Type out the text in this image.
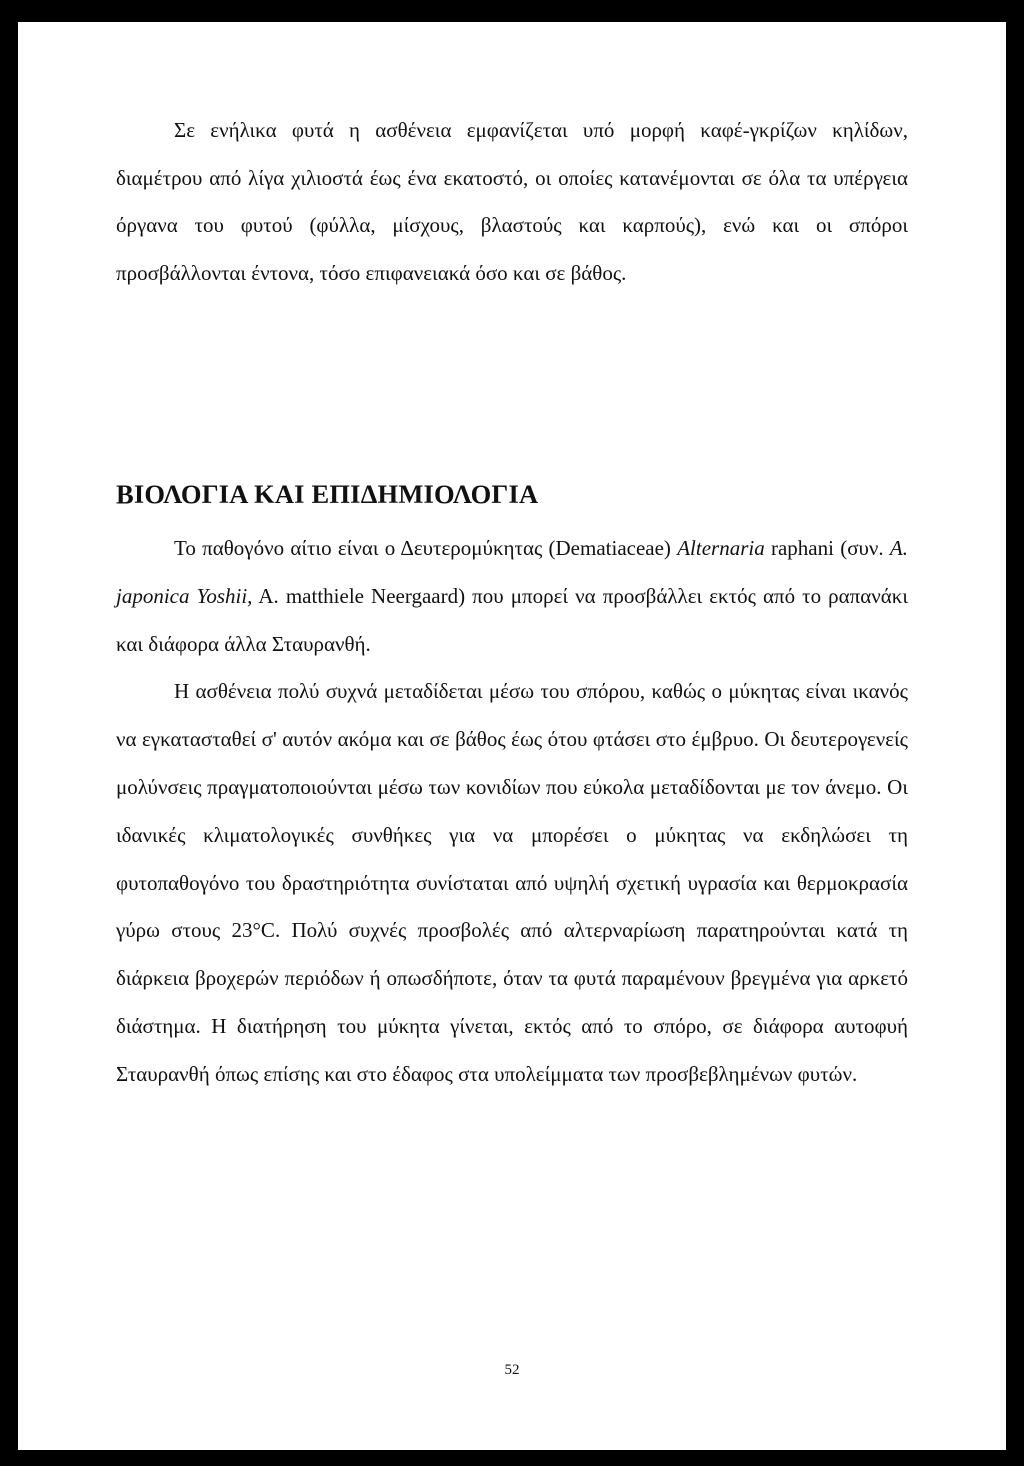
Σε ενήλικα φυτά η ασθένεια εμφανίζεται υπό μορφή καφέ-γκρίζων κηλίδων, διαμέτρου από λίγα χιλιοστά έως ένα εκατοστό, οι οποίες κατανέμονται σε όλα τα υπέργεια όργανα του φυτού (φύλλα, μίσχους, βλαστούς και καρπούς), ενώ και οι σπόροι προσβάλλονται έντονα, τόσο επιφανειακά όσο και σε βάθος.

ΒΙΟΛΟΓΙΑ ΚΑΙ ΕΠΙΔΗΜΙΟΛΟΓΙΑ

Το παθογόνο αίτιο είναι ο Δευτερομύκητας (Dematiaceae) Alternaria raphani (συν. A. japonica Yoshii, A. matthiele Neergaard) που μπορεί να προσβάλλει εκτός από το ραπανάκι και διάφορα άλλα Σταυρανθή.

Η ασθένεια πολύ συχνά μεταδίδεται μέσω του σπόρου, καθώς ο μύκητας είναι ικανός να εγκατασταθεί σ' αυτόν ακόμα και σε βάθος έως ότου φτάσει στο έμβρυο. Οι δευτερογενείς μολύνσεις πραγματοποιούνται μέσω των κονιδίων που εύκολα μεταδίδονται με τον άνεμο. Οι ιδανικές κλιματολογικές συνθήκες για να μπορέσει ο μύκητας να εκδηλώσει τη φυτοπαθογόνο του δραστηριότητα συνίσταται από υψηλή σχετική υγρασία και θερμοκρασία γύρω στους 23°C. Πολύ συχνές προσβολές από αλτερναρίωση παρατηρούνται κατά τη διάρκεια βροχερών περιόδων ή οπωσδήποτε, όταν τα φυτά παραμένουν βρεγμένα για αρκετό διάστημα. Η διατήρηση του μύκητα γίνεται, εκτός από το σπόρο, σε διάφορα αυτοφυή Σταυρανθή όπως επίσης και στο έδαφος στα υπολείμματα των προσβεβλημένων φυτών.

52
